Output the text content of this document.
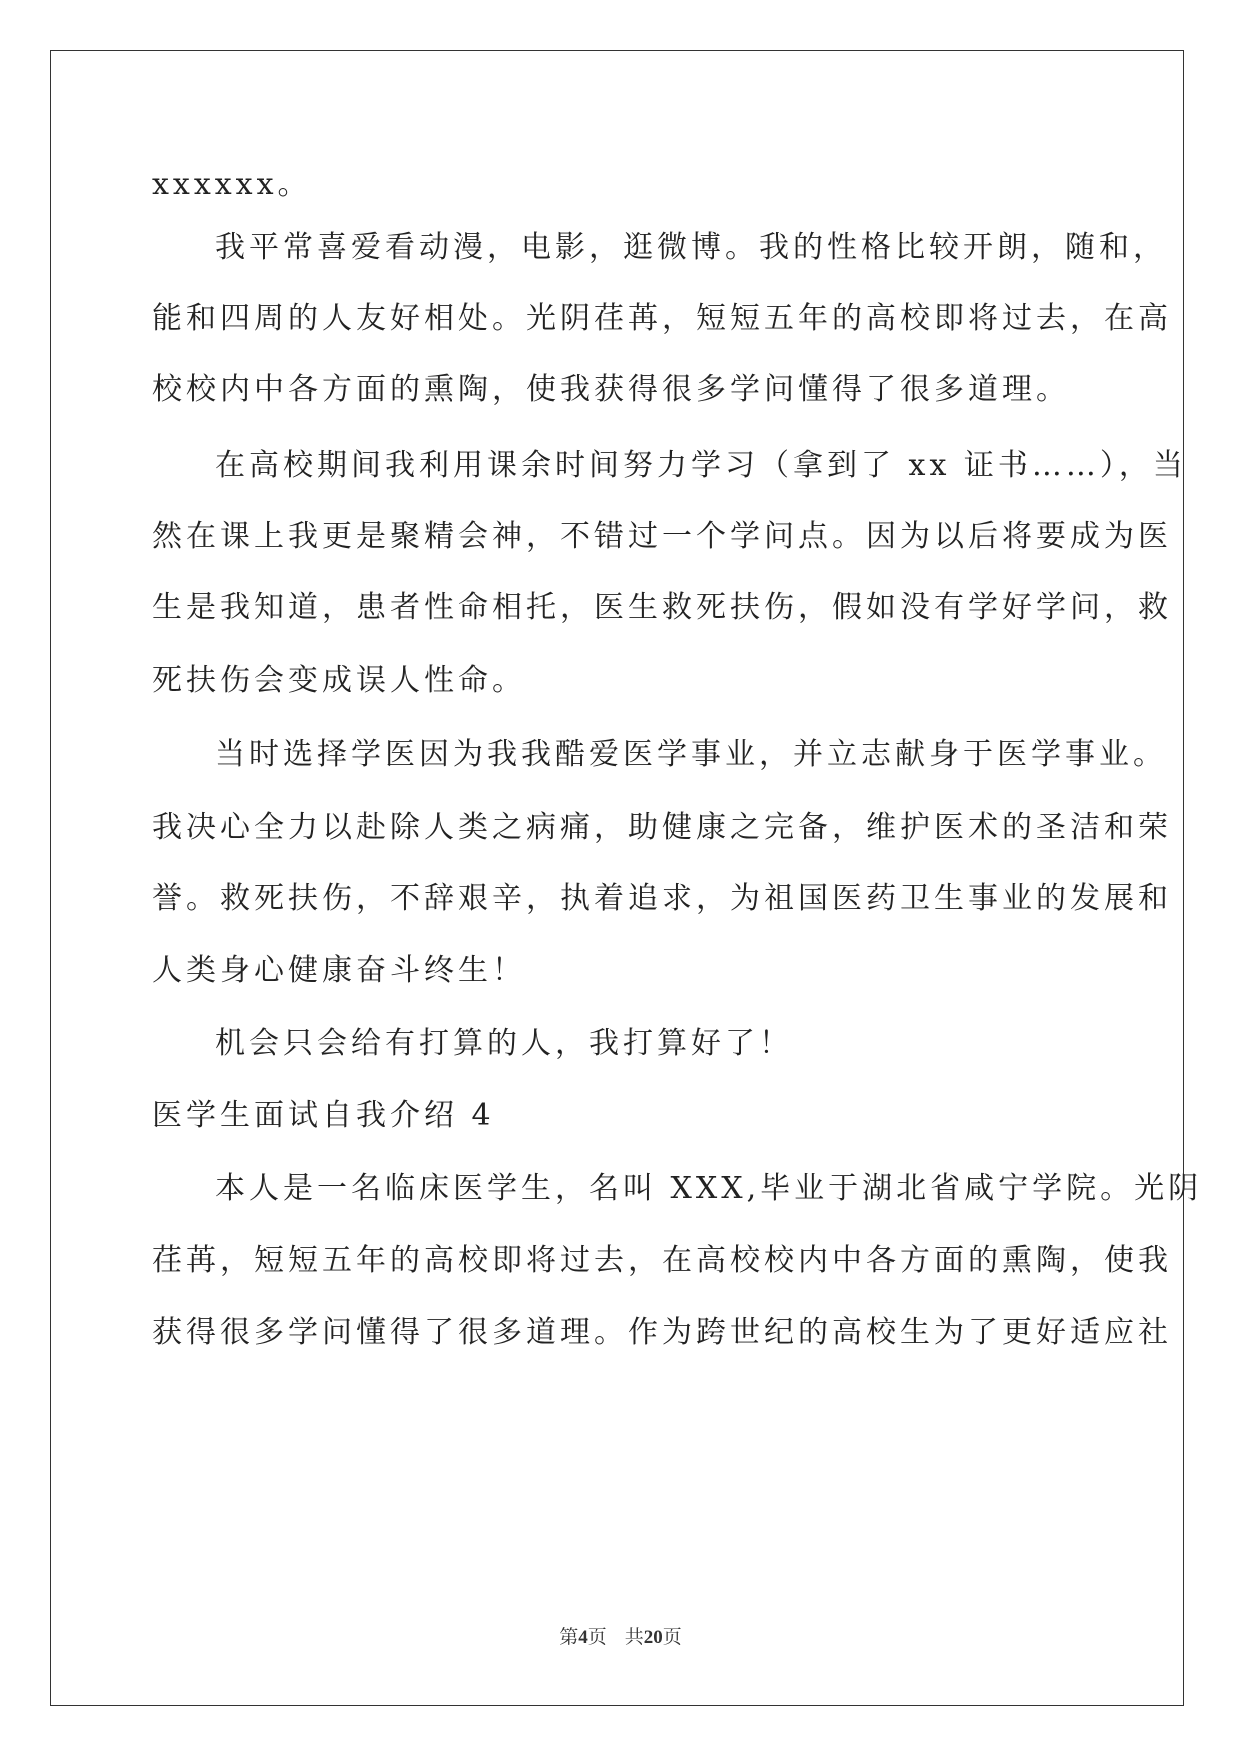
xxxxxx。
我平常喜爱看动漫，电影，逛微博。我的性格比较开朗，随和，
能和四周的人友好相处。光阴荏苒，短短五年的高校即将过去，在高
校校内中各方面的熏陶，使我获得很多学问懂得了很多道理。
在高校期间我利用课余时间努力学习（拿到了 xx 证书……），当
然在课上我更是聚精会神，不错过一个学问点。因为以后将要成为医
生是我知道，患者性命相托，医生救死扶伤，假如没有学好学问，救
死扶伤会变成误人性命。
当时选择学医因为我我酷爱医学事业，并立志献身于医学事业。
我决心全力以赴除人类之病痛，助健康之完备，维护医术的圣洁和荣
誉。救死扶伤，不辞艰辛，执着追求，为祖国医药卫生事业的发展和
人类身心健康奋斗终生！
机会只会给有打算的人，我打算好了！
医学生面试自我介绍 4
本人是一名临床医学生，名叫 XXX,毕业于湖北省咸宁学院。光阴
荏苒，短短五年的高校即将过去，在高校校内中各方面的熏陶，使我
获得很多学问懂得了很多道理。作为跨世纪的高校生为了更好适应社
第4页 共20页
